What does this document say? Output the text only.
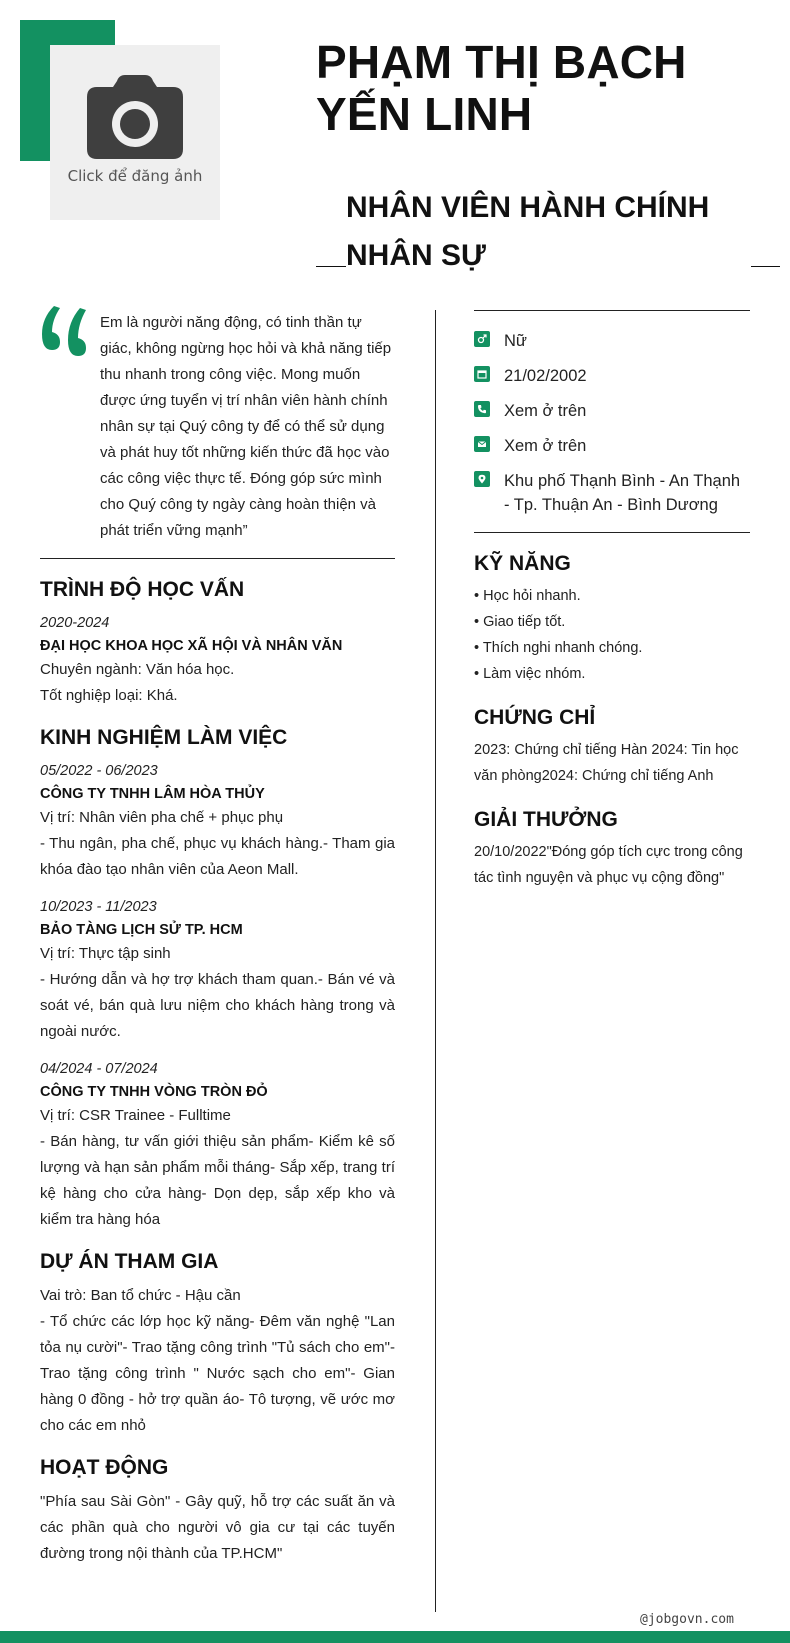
Click để đăng ảnh
PHẠM THỊ BẠCH YẾN LINH
NHÂN VIÊN HÀNH CHÍNH NHÂN SỰ
Em là người năng động, có tinh thần tự giác, không ngừng học hỏi và khả năng tiếp thu nhanh trong công việc. Mong muốn được ứng tuyển vị trí nhân viên hành chính nhân sự tại Quý công ty để có thể sử dụng và phát huy tốt những kiến thức đã học vào các công việc thực tế. Đóng góp sức mình cho Quý công ty ngày càng hoàn thiện và phát triển vững mạnh”
TRÌNH ĐỘ HỌC VẤN
2020-2024
ĐẠI HỌC KHOA HỌC XÃ HỘI VÀ NHÂN VĂN
Chuyên ngành: Văn hóa học.
Tốt nghiệp loại: Khá.
KINH NGHIỆM LÀM VIỆC
05/2022 - 06/2023
CÔNG TY TNHH LÂM HÒA THỦY
Vị trí: Nhân viên pha chế + phục phụ
- Thu ngân, pha chế, phục vụ khách hàng.- Tham gia khóa đào tạo nhân viên của Aeon Mall.
10/2023 - 11/2023
BẢO TÀNG LỊCH SỬ TP. HCM
Vị trí: Thực tập sinh
- Hướng dẫn và hợ trợ khách tham quan.- Bán vé và soát vé, bán quà lưu niệm cho khách hàng trong và ngoài nước.
04/2024 - 07/2024
CÔNG TY TNHH VÒNG TRÒN ĐỎ
Vị trí: CSR Trainee - Fulltime
- Bán hàng, tư vấn giới thiệu sản phẩm- Kiểm kê số lượng và hạn sản phẩm mỗi tháng- Sắp xếp, trang trí kệ hàng cho cửa hàng- Dọn dẹp, sắp xếp kho và kiểm tra hàng hóa
DỰ ÁN THAM GIA
Vai trò: Ban tổ chức - Hậu cần
- Tổ chức các lớp học kỹ năng- Đêm văn nghệ "Lan tỏa nụ cười"- Trao tặng công trình "Tủ sách cho em"- Trao tặng công trình " Nước sạch cho em"- Gian hàng 0 đồng - hở trợ quần áo- Tô tượng, vẽ ước mơ cho các em nhỏ
HOẠT ĐỘNG
"Phía sau Sài Gòn" - Gây quỹ, hỗ trợ các suất ăn và các phần quà cho người vô gia cư tại các tuyến đường trong nội thành của TP.HCM"
Nữ
21/02/2002
Xem ở trên
Xem ở trên
Khu phố Thạnh Bình - An Thạnh - Tp. Thuận An - Bình Dương
KỸ NĂNG
• Học hỏi nhanh.
• Giao tiếp tốt.
• Thích nghi nhanh chóng.
• Làm việc nhóm.
CHỨNG CHỈ
2023: Chứng chỉ tiếng Hàn 2024: Tin học văn phòng2024: Chứng chỉ tiếng Anh
GIẢI THƯỞNG
20/10/2022"Đóng góp tích cực trong công tác tình nguyện và phục vụ cộng đồng"
@jobgovn.com
